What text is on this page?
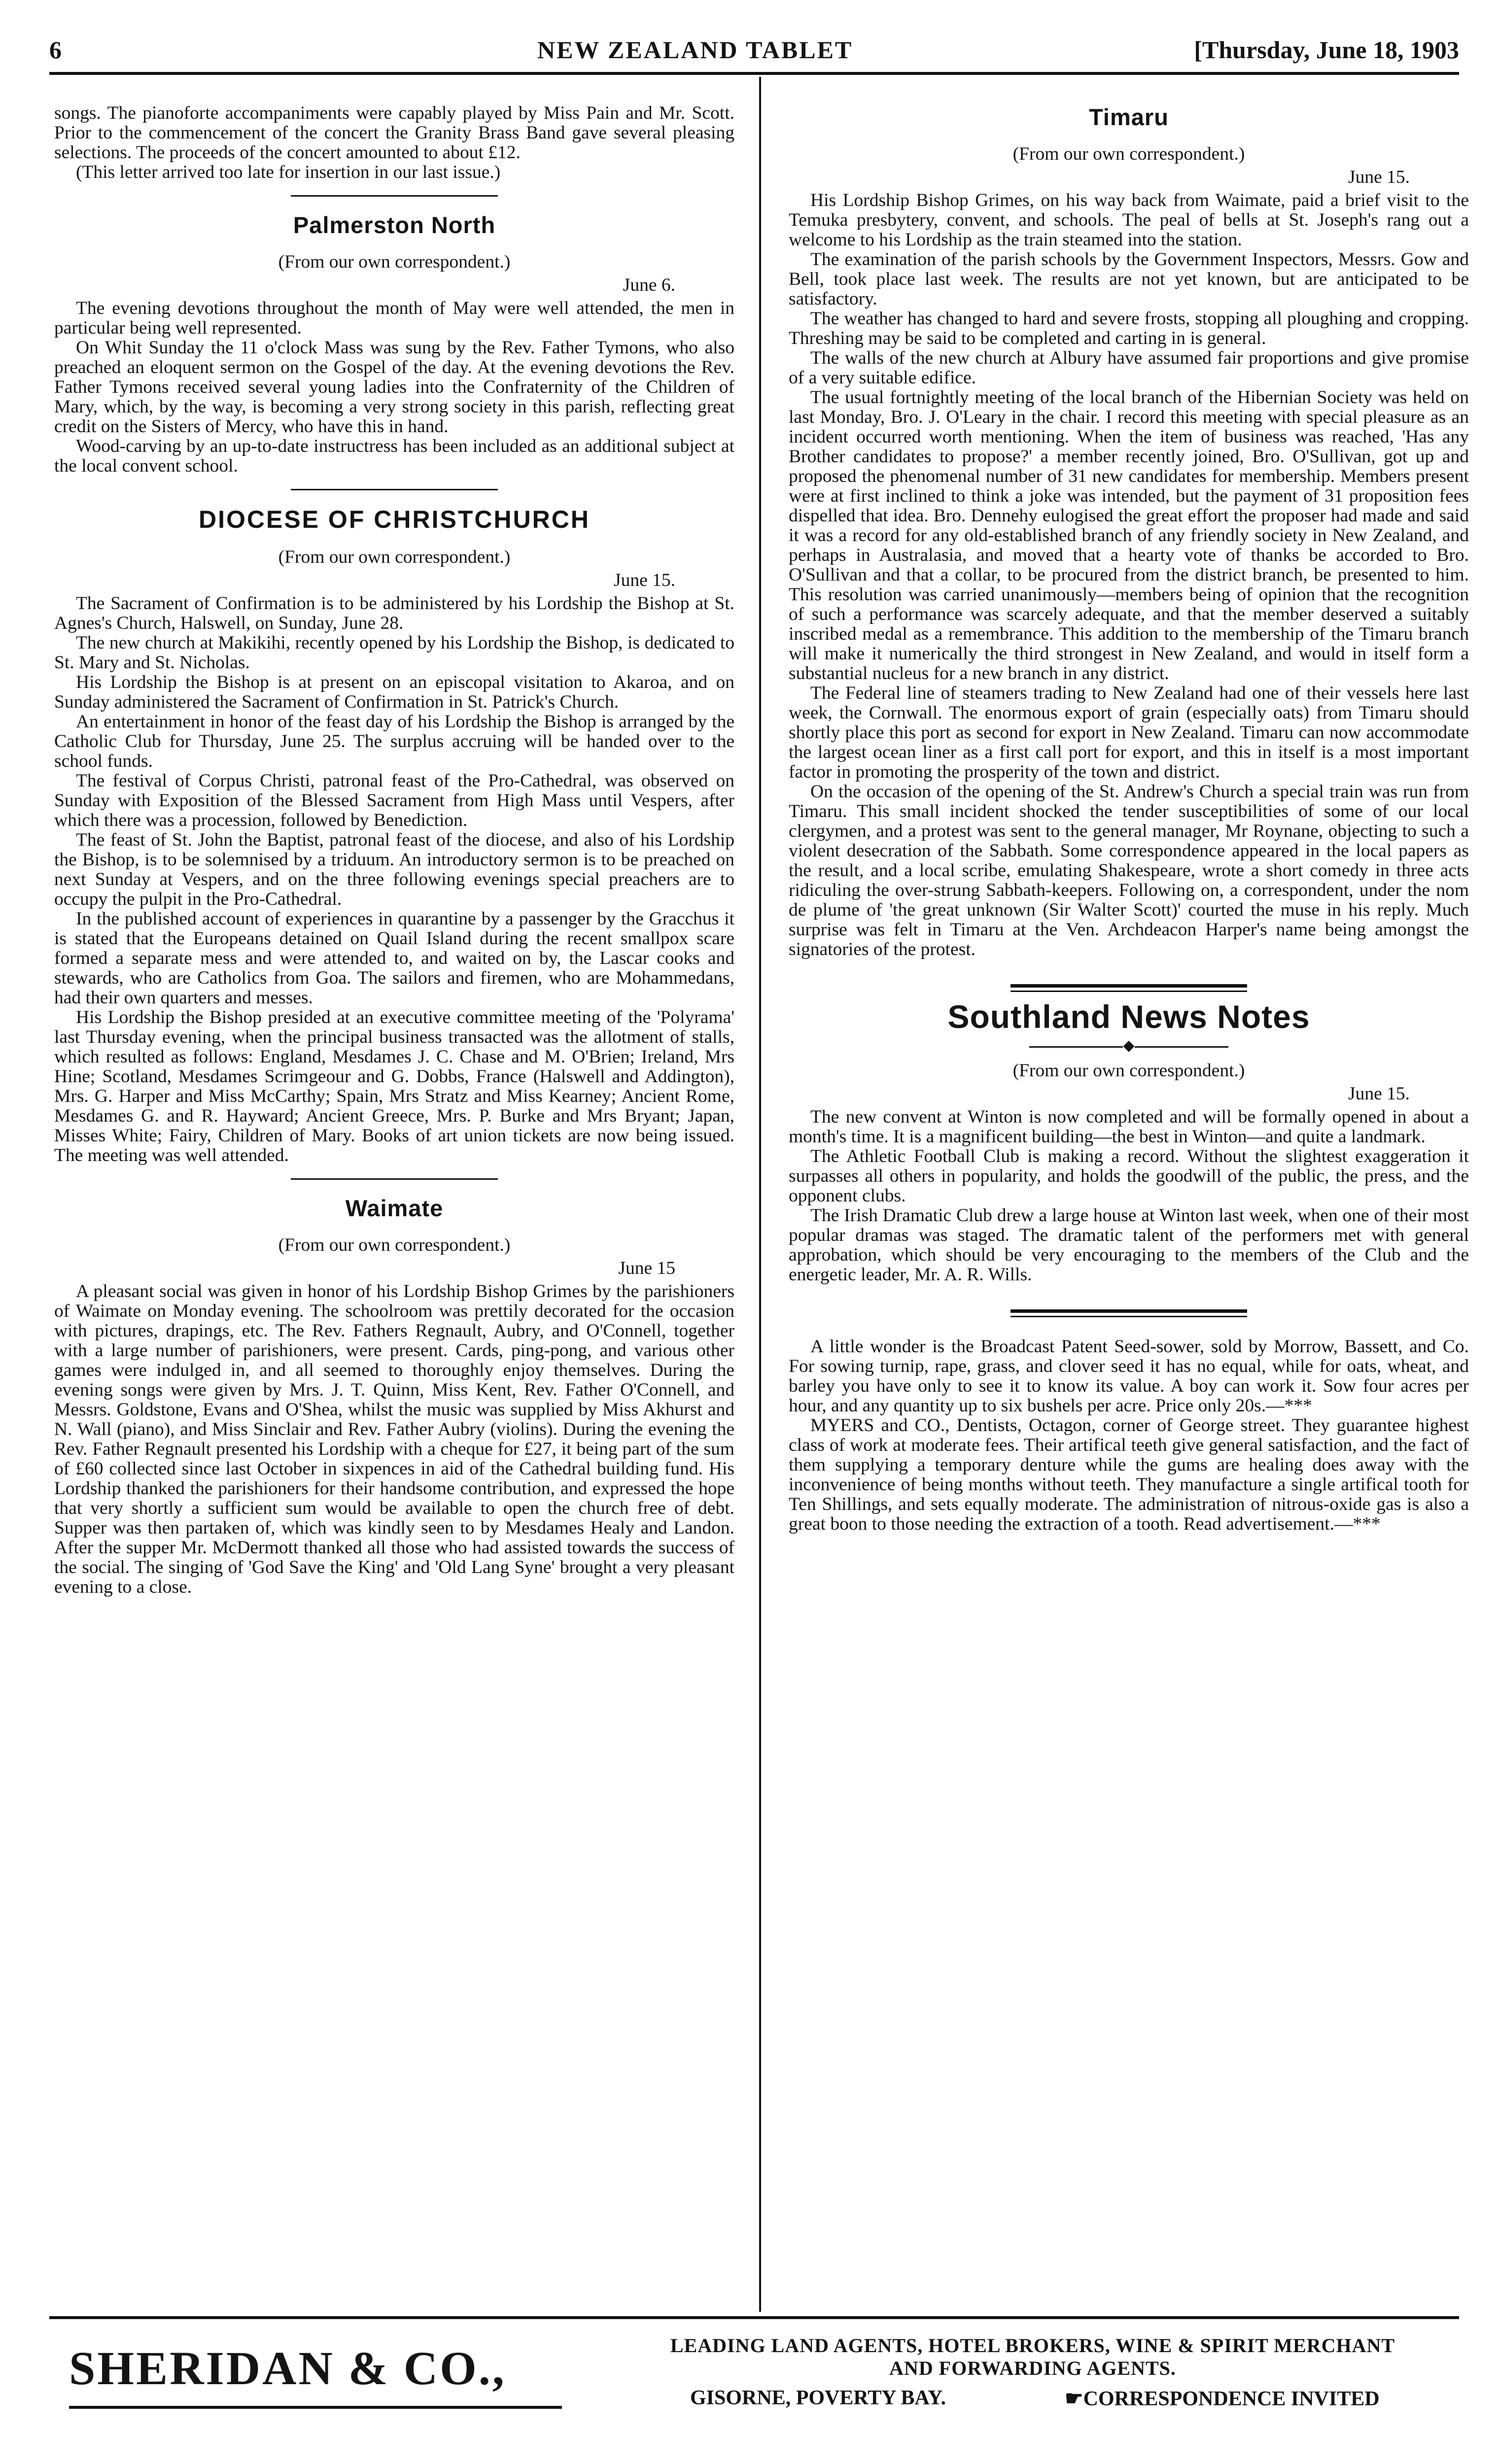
6	NEW ZEALAND TABLET	[Thursday, June 18, 1903

songs. The pianoforte accompaniments were capably played by Miss Pain and Mr. Scott. Prior to the commencement of the concert the Granity Brass Band gave several pleasing selections. The proceeds of the concert amounted to about £12.

(This letter arrived too late for insertion in our last issue.)

Palmerston North
(From our own correspondent.)
June 6.

The evening devotions throughout the month of May were well attended, the men in particular being well represented.

On Whit Sunday the 11 o'clock Mass was sung by the Rev. Father Tymons, who also preached an eloquent sermon on the Gospel of the day. At the evening devotions the Rev. Father Tymons received several young ladies into the Confraternity of the Children of Mary, which, by the way, is becoming a very strong society in this parish, reflecting great credit on the Sisters of Mercy, who have this in hand.

Wood-carving by an up-to-date instructress has been included as an additional subject at the local convent school.

DIOCESE OF CHRISTCHURCH
(From our own correspondent.)
June 15.

The Sacrament of Confirmation is to be administered by his Lordship the Bishop at St. Agnes's Church, Halswell, on Sunday, June 28.

The new church at Makikihi, recently opened by his Lordship the Bishop, is dedicated to St. Mary and St. Nicholas.

His Lordship the Bishop is at present on an episcopal visitation to Akaroa, and on Sunday administered the Sacrament of Confirmation in St. Patrick's Church.

An entertainment in honor of the feast day of his Lordship the Bishop is arranged by the Catholic Club for Thursday, June 25. The surplus accruing will be handed over to the school funds.

The festival of Corpus Christi, patronal feast of the Pro-Cathedral, was observed on Sunday with Exposition of the Blessed Sacrament from High Mass until Vespers, after which there was a procession, followed by Benediction.

The feast of St. John the Baptist, patronal feast of the diocese, and also of his Lordship the Bishop, is to be solemnised by a triduum. An introductory sermon is to be preached on next Sunday at Vespers, and on the three following evenings special preachers are to occupy the pulpit in the Pro-Cathedral.

In the published account of experiences in quarantine by a passenger by the Gracchus it is stated that the Europeans detained on Quail Island during the recent smallpox scare formed a separate mess and were attended to, and waited on by, the Lascar cooks and stewards, who are Catholics from Goa. The sailors and firemen, who are Mohammedans, had their own quarters and messes.

His Lordship the Bishop presided at an executive committee meeting of the 'Polyrama' last Thursday evening, when the principal business transacted was the allotment of stalls, which resulted as follows: England, Mesdames J. C. Chase and M. O'Brien; Ireland, Mrs Hine; Scotland, Mesdames Scrimgeour and G. Dobbs, France (Halswell and Addington), Mrs. G. Harper and Miss McCarthy; Spain, Mrs Stratz and Miss Kearney; Ancient Rome, Mesdames G. and R. Hayward; Ancient Greece, Mrs. P. Burke and Mrs Bryant; Japan, Misses White; Fairy, Children of Mary. Books of art union tickets are now being issued. The meeting was well attended.

Waimate
(From our own correspondent.)
June 15

A pleasant social was given in honor of his Lordship Bishop Grimes by the parishioners of Waimate on Monday evening. The schoolroom was prettily decorated for the occasion with pictures, drapings, etc. The Rev. Fathers Regnault, Aubry, and O'Connell, together with a large number of parishioners, were present. Cards, ping-pong, and various other games were indulged in, and all seemed to thoroughly enjoy themselves. During the evening songs were given by Mrs. J. T. Quinn, Miss Kent, Rev. Father O'Connell, and Messrs. Goldstone, Evans and O'Shea, whilst the music was supplied by Miss Akhurst and N. Wall (piano), and Miss Sinclair and Rev. Father Aubry (violins). During the evening the Rev. Father Regnault presented his Lordship with a cheque for £27, it being part of the sum of £60 collected since last October in sixpences in aid of the Cathedral building fund. His Lordship thanked the parishioners for their handsome contribution, and expressed the hope that very shortly a sufficient sum would be available to open the church free of debt. Supper was then partaken of, which was kindly seen to by Mesdames Healy and Landon. After the supper Mr. McDermott thanked all those who had assisted towards the success of the social. The singing of 'God Save the King' and 'Old Lang Syne' brought a very pleasant evening to a close.

Timaru
(From our own correspondent.)
June 15.

His Lordship Bishop Grimes, on his way back from Waimate, paid a brief visit to the Temuka presbytery, convent, and schools. The peal of bells at St. Joseph's rang out a welcome to his Lordship as the train steamed into the station.

The examination of the parish schools by the Government Inspectors, Messrs. Gow and Bell, took place last week. The results are not yet known, but are anticipated to be satisfactory.

The weather has changed to hard and severe frosts, stopping all ploughing and cropping. Threshing may be said to be completed and carting in is general.

The walls of the new church at Albury have assumed fair proportions and give promise of a very suitable edifice.

The usual fortnightly meeting of the local branch of the Hibernian Society was held on last Monday, Bro. J. O'Leary in the chair. I record this meeting with special pleasure as an incident occurred worth mentioning. When the item of business was reached, 'Has any Brother candidates to propose?' a member recently joined, Bro. O'Sullivan, got up and proposed the phenomenal number of 31 new candidates for membership. Members present were at first inclined to think a joke was intended, but the payment of 31 proposition fees dispelled that idea. Bro. Dennehy eulogised the great effort the proposer had made and said it was a record for any old-established branch of any friendly society in New Zealand, and perhaps in Australasia, and moved that a hearty vote of thanks be accorded to Bro. O'Sullivan and that a collar, to be procured from the district branch, be presented to him. This resolution was carried unanimously—members being of opinion that the recognition of such a performance was scarcely adequate, and that the member deserved a suitably inscribed medal as a remembrance. This addition to the membership of the Timaru branch will make it numerically the third strongest in New Zealand, and would in itself form a substantial nucleus for a new branch in any district.

The Federal line of steamers trading to New Zealand had one of their vessels here last week, the Cornwall. The enormous export of grain (especially oats) from Timaru should shortly place this port as second for export in New Zealand. Timaru can now accommodate the largest ocean liner as a first call port for export, and this in itself is a most important factor in promoting the prosperity of the town and district.

On the occasion of the opening of the St. Andrew's Church a special train was run from Timaru. This small incident shocked the tender susceptibilities of some of our local clergymen, and a protest was sent to the general manager, Mr Roynane, objecting to such a violent desecration of the Sabbath. Some correspondence appeared in the local papers as the result, and a local scribe, emulating Shakespeare, wrote a short comedy in three acts ridiculing the over-strung Sabbath-keepers. Following on, a correspondent, under the nom de plume of 'the great unknown (Sir Walter Scott)' courted the muse in his reply. Much surprise was felt in Timaru at the Ven. Archdeacon Harper's name being amongst the signatories of the protest.

Southland News Notes
◆
(From our own correspondent.)
June 15.

The new convent at Winton is now completed and will be formally opened in about a month's time. It is a magnificent building—the best in Winton—and quite a landmark.

The Athletic Football Club is making a record. Without the slightest exaggeration it surpasses all others in popularity, and holds the goodwill of the public, the press, and the opponent clubs.

The Irish Dramatic Club drew a large house at Winton last week, when one of their most popular dramas was staged. The dramatic talent of the performers met with general approbation, which should be very encouraging to the members of the Club and the energetic leader, Mr. A. R. Wills.

A little wonder is the Broadcast Patent Seed-sower, sold by Morrow, Bassett, and Co. For sowing turnip, rape, grass, and clover seed it has no equal, while for oats, wheat, and barley you have only to see it to know its value. A boy can work it. Sow four acres per hour, and any quantity up to six bushels per acre. Price only 20s.—***

MYERS and CO., Dentists, Octagon, corner of George street. They guarantee highest class of work at moderate fees. Their artifical teeth give general satisfaction, and the fact of them supplying a temporary denture while the gums are healing does away with the inconvenience of being months without teeth. They manufacture a single artifical tooth for Ten Shillings, and sets equally moderate. The administration of nitrous-oxide gas is also a great boon to those needing the extraction of a tooth. Read advertisement.—***

SHERIDAN & CO.,	LEADING LAND AGENTS, HOTEL BROKERS, WINE & SPIRIT MERCHANT
AND FORWARDING AGENTS.
GISORNE, POVERTY BAY.	☛CORRESPONDENCE INVITED
